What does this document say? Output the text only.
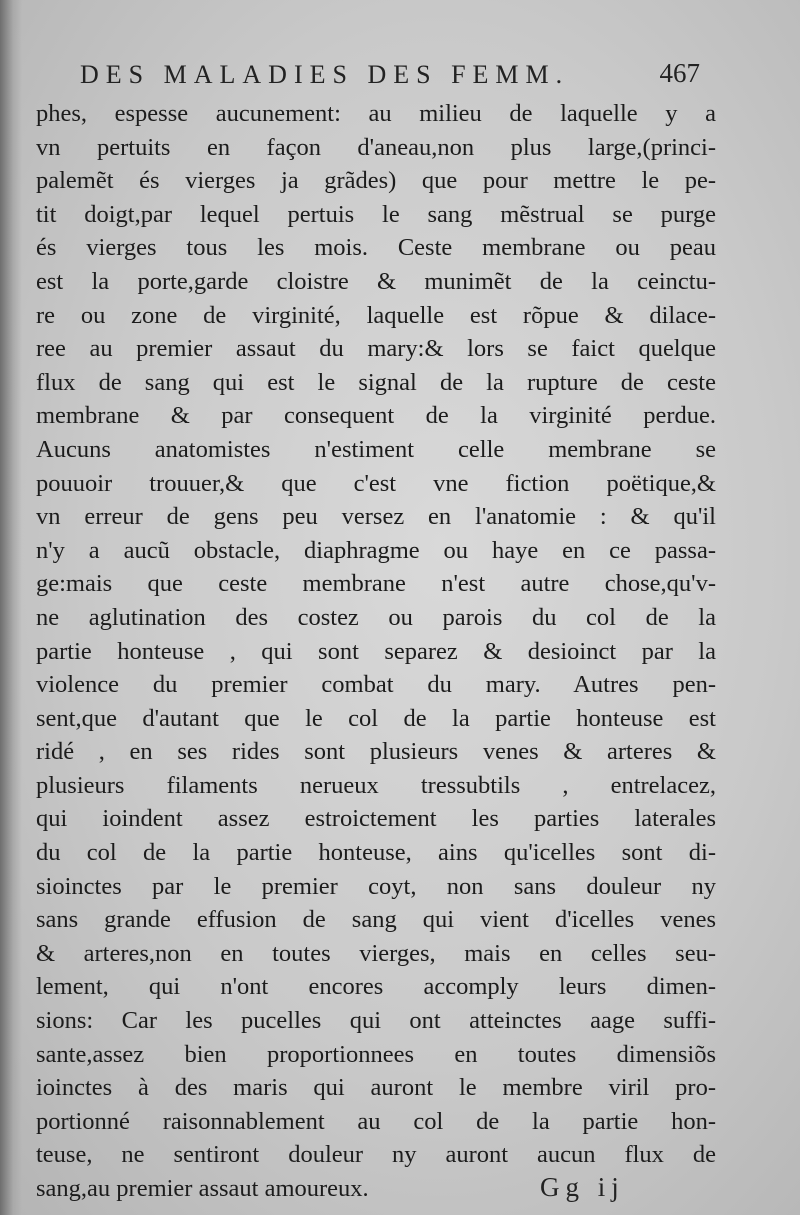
DES MALADIES DES FEMM.	467
phes, espesse aucunement: au milieu de laquelle y a
vn pertuits en façon d'aneau,non plus large,(princi-
palemẽt és vierges ja grãdes) que pour mettre le pe-
tit doigt,par lequel pertuis le sang mẽstrual se purge
és vierges tous les mois. Ceste membrane ou peau
est la porte,garde cloistre & munimẽt de la ceinctu-
re ou zone de virginité, laquelle est rõpue & dilace-
ree au premier assaut du mary:& lors se faict quelque
flux de sang qui est le signal de la rupture de ceste
membrane & par consequent de la virginité perdue.
Aucuns anatomistes n'estiment celle membrane se
pouuoir trouuer,& que c'est vne fiction poëtique,&
vn erreur de gens peu versez en l'anatomie : & qu'il
n'y a aucũ obstacle, diaphragme ou haye en ce passa-
ge:mais que ceste membrane n'est autre chose,qu'v-
ne aglutination des costez ou parois du col de la
partie honteuse , qui sont separez & desioinct par la
violence du premier combat du mary. Autres pen-
sent,que d'autant que le col de la partie honteuse est
ridé , en ses rides sont plusieurs venes & arteres &
plusieurs filaments nerueux tressubtils , entrelacez,
qui ioindent assez estroictement les parties laterales
du col de la partie honteuse, ains qu'icelles sont di-
sioinctes par le premier coyt, non sans douleur ny
sans grande effusion de sang qui vient d'icelles venes
& arteres,non en toutes vierges, mais en celles seu-
lement, qui n'ont encores accomply leurs dimen-
sions: Car les pucelles qui ont atteinctes aage suffi-
sante,assez bien proportionnees en toutes dimensiõs
ioinctes à des maris qui auront le membre viril pro-
portionné raisonnablement au col de la partie hon-
teuse, ne sentiront douleur ny auront aucun flux de
sang,au premier assaut amoureux.	Gg ij
